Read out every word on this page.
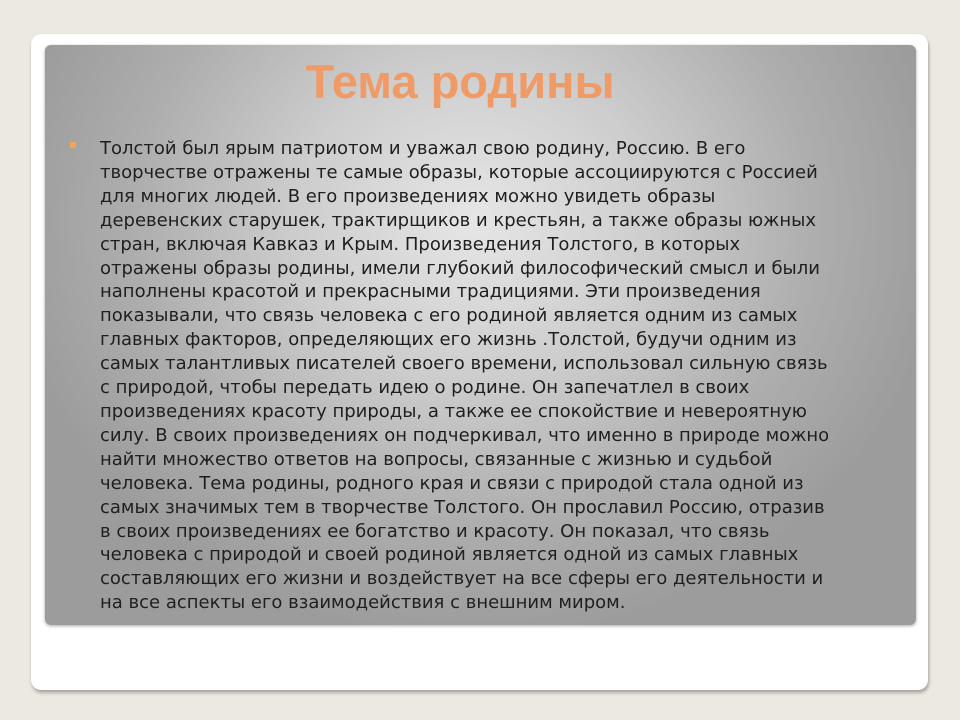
Тема родины

Толстой был ярым патриотом и уважал свою родину, Россию. В его
творчестве отражены те самые образы, которые ассоциируются с Россией
для многих людей. В его произведениях можно увидеть образы
деревенских старушек, трактирщиков и крестьян, а также образы южных
стран, включая Кавказ и Крым. Произведения Толстого, в которых
отражены образы родины, имели глубокий философический смысл и были
наполнены красотой и прекрасными традициями. Эти произведения
показывали, что связь человека с его родиной является одним из самых
главных факторов, определяющих его жизнь .Толстой, будучи одним из
самых талантливых писателей своего времени, использовал сильную связь
с природой, чтобы передать идею о родине. Он запечатлел в своих
произведениях красоту природы, а также ее спокойствие и невероятную
силу. В своих произведениях он подчеркивал, что именно в природе можно
найти множество ответов на вопросы, связанные с жизнью и судьбой
человека. Тема родины, родного края и связи с природой стала одной из
самых значимых тем в творчестве Толстого. Он прославил Россию, отразив
в своих произведениях ее богатство и красоту. Он показал, что связь
человека с природой и своей родиной является одной из самых главных
составляющих его жизни и воздействует на все сферы его деятельности и
на все аспекты его взаимодействия с внешним миром.
